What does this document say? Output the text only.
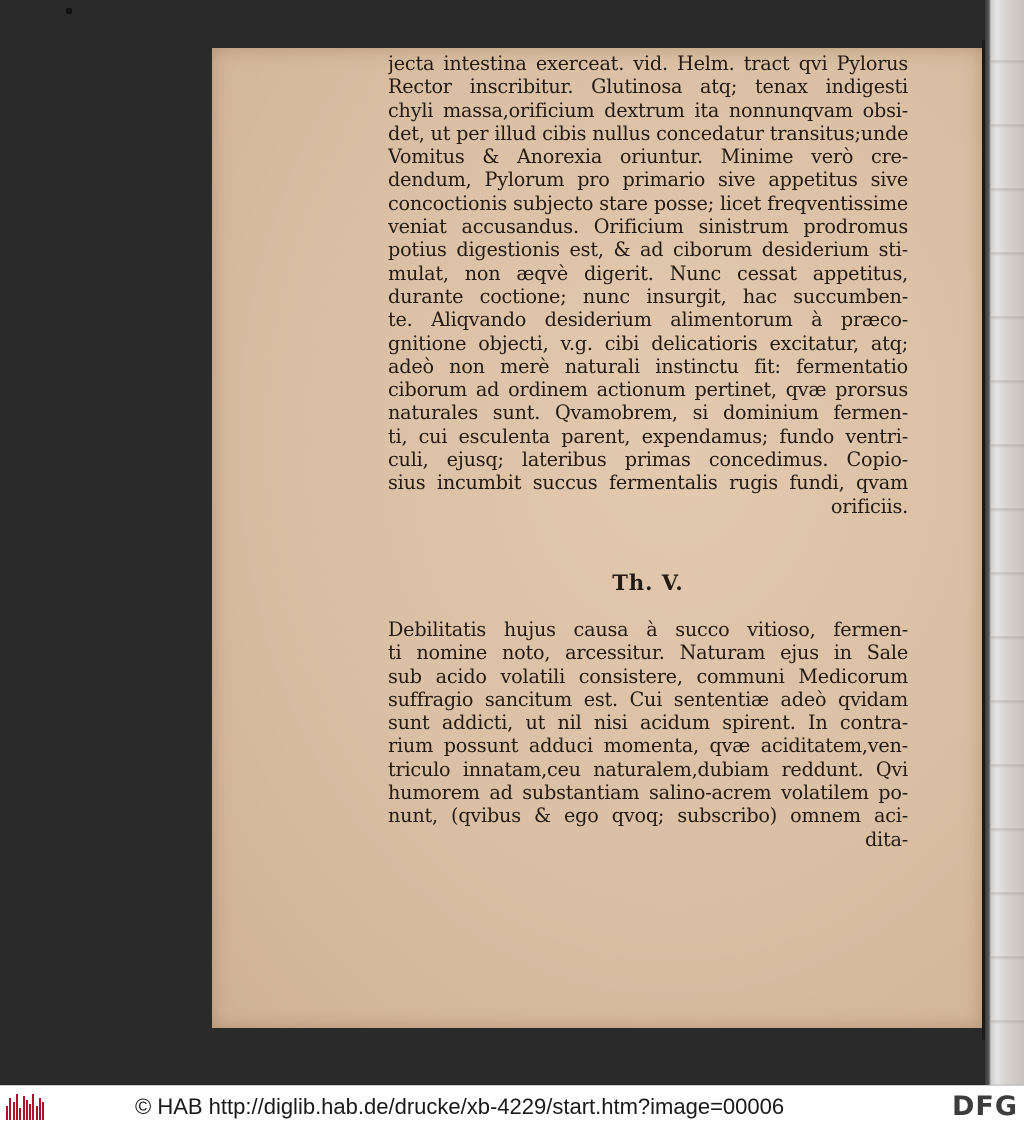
jecta intestina exerceat. vid. Helm. tract qvi Pylorus
Rector inscribitur. Glutinosa atq; tenax indigesti
chyli massa,orificium dextrum ita nonnunqvam obsi-
det, ut per illud cibis nullus concedatur transitus;unde
Vomitus & Anorexia oriuntur. Minime verò cre-
dendum, Pylorum pro primario sive appetitus sive
concoctionis subjecto stare posse; licet freqventissime
veniat accusandus. Orificium sinistrum prodromus
potius digestionis est, & ad ciborum desiderium sti-
mulat, non æqvè digerit. Nunc cessat appetitus,
durante coctione; nunc insurgit, hac succumben-
te. Aliqvando desiderium alimentorum à præco-
gnitione objecti, v.g. cibi delicatioris excitatur, atq;
adeò non merè naturali instinctu fit: fermentatio
ciborum ad ordinem actionum pertinet, qvæ prorsus
naturales sunt. Qvamobrem, si dominium fermen-
ti, cui esculenta parent, expendamus; fundo ventri-
culi, ejusq; lateribus primas concedimus. Copio-
sius incumbit succus fermentalis rugis fundi, qvam
orificiis.
Th. V.
Debilitatis hujus causa à succo vitioso, fermen-
ti nomine noto, arcessitur. Naturam ejus in Sale
sub acido volatili consistere, communi Medicorum
suffragio sancitum est. Cui sententiæ adeò qvidam
sunt addicti, ut nil nisi acidum spirent. In contra-
rium possunt adduci momenta, qvæ aciditatem,ven-
triculo innatam,ceu naturalem,dubiam reddunt. Qvi
humorem ad substantiam salino-acrem volatilem po-
nunt, (qvibus & ego qvoq; subscribo) omnem aci-
dita-
© HAB http://diglib.hab.de/drucke/xb-4229/start.htm?image=00006	DFG
